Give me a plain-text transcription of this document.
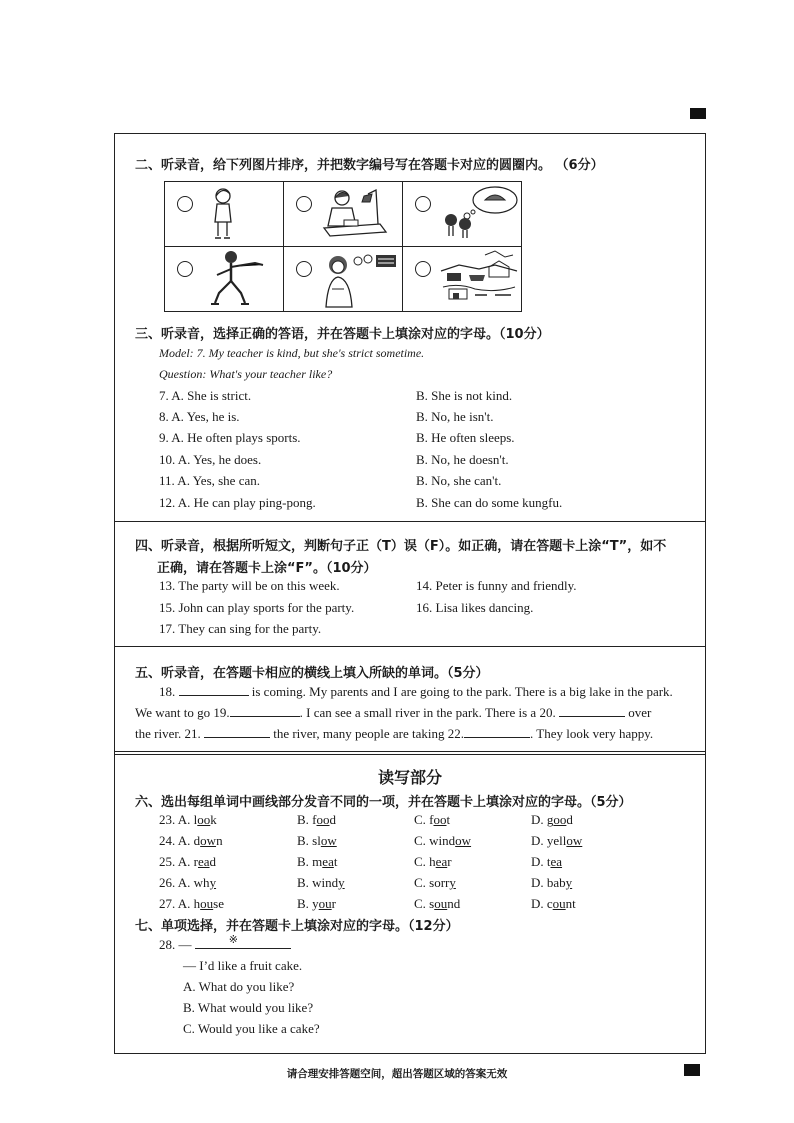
二、听录音，给下列图片排序，并把数字编号写在答题卡对应的圆圈内。 （6分）
三、听录音，选择正确的答语，并在答题卡上填涂对应的字母。（10分）
Model: 7. My teacher is kind, but she's strict sometime.
Question: What's your teacher like?
7. A. She is strict.	B. She is not kind.
8. A. Yes, he is.	B. No, he isn't.
9. A. He often plays sports.	B. He often sleeps.
10. A. Yes, he does.	B. No, he doesn't.
11. A. Yes, she can.	B. No, she can't.
12. A. He can play ping-pong.	B. She can do some kungfu.
四、听录音，根据所听短文，判断句子正（T）误（F）。如正确，请在答题卡上涂“T”，如不
正确，请在答题卡上涂“F”。（10分）
13. The party will be on this week.	14. Peter is funny and friendly.
15. John can play sports for the party.	16. Lisa likes dancing.
17. They can sing for the party.
五、听录音，在答题卡相应的横线上填入所缺的单词。（5分）
18.	is coming. My parents and I are going to the park. There is a big lake in the park.
We want to go 19.	. I can see a small river in the park. There is a 20.	over
the river. 21.	the river, many people are taking 22.	. They look very happy.
读写部分
六、选出每组单词中画线部分发音不同的一项，并在答题卡上填涂对应的字母。（5分）
23. A. look	B. food	C. foot	D. good
24. A. down	B. slow	C. window	D. yellow
25. A. read	B. meat	C. hear	D. tea
26. A. why	B. windy	C. sorry	D. baby
27. A. house	B. your	C. sound	D. count
七、单项选择，并在答题卡上填涂对应的字母。（12分）
28. —	※
— I’d like a fruit cake.
A. What do you like?
B. What would you like?
C. Would you like a cake?
请合理安排答题空间，超出答题区域的答案无效
